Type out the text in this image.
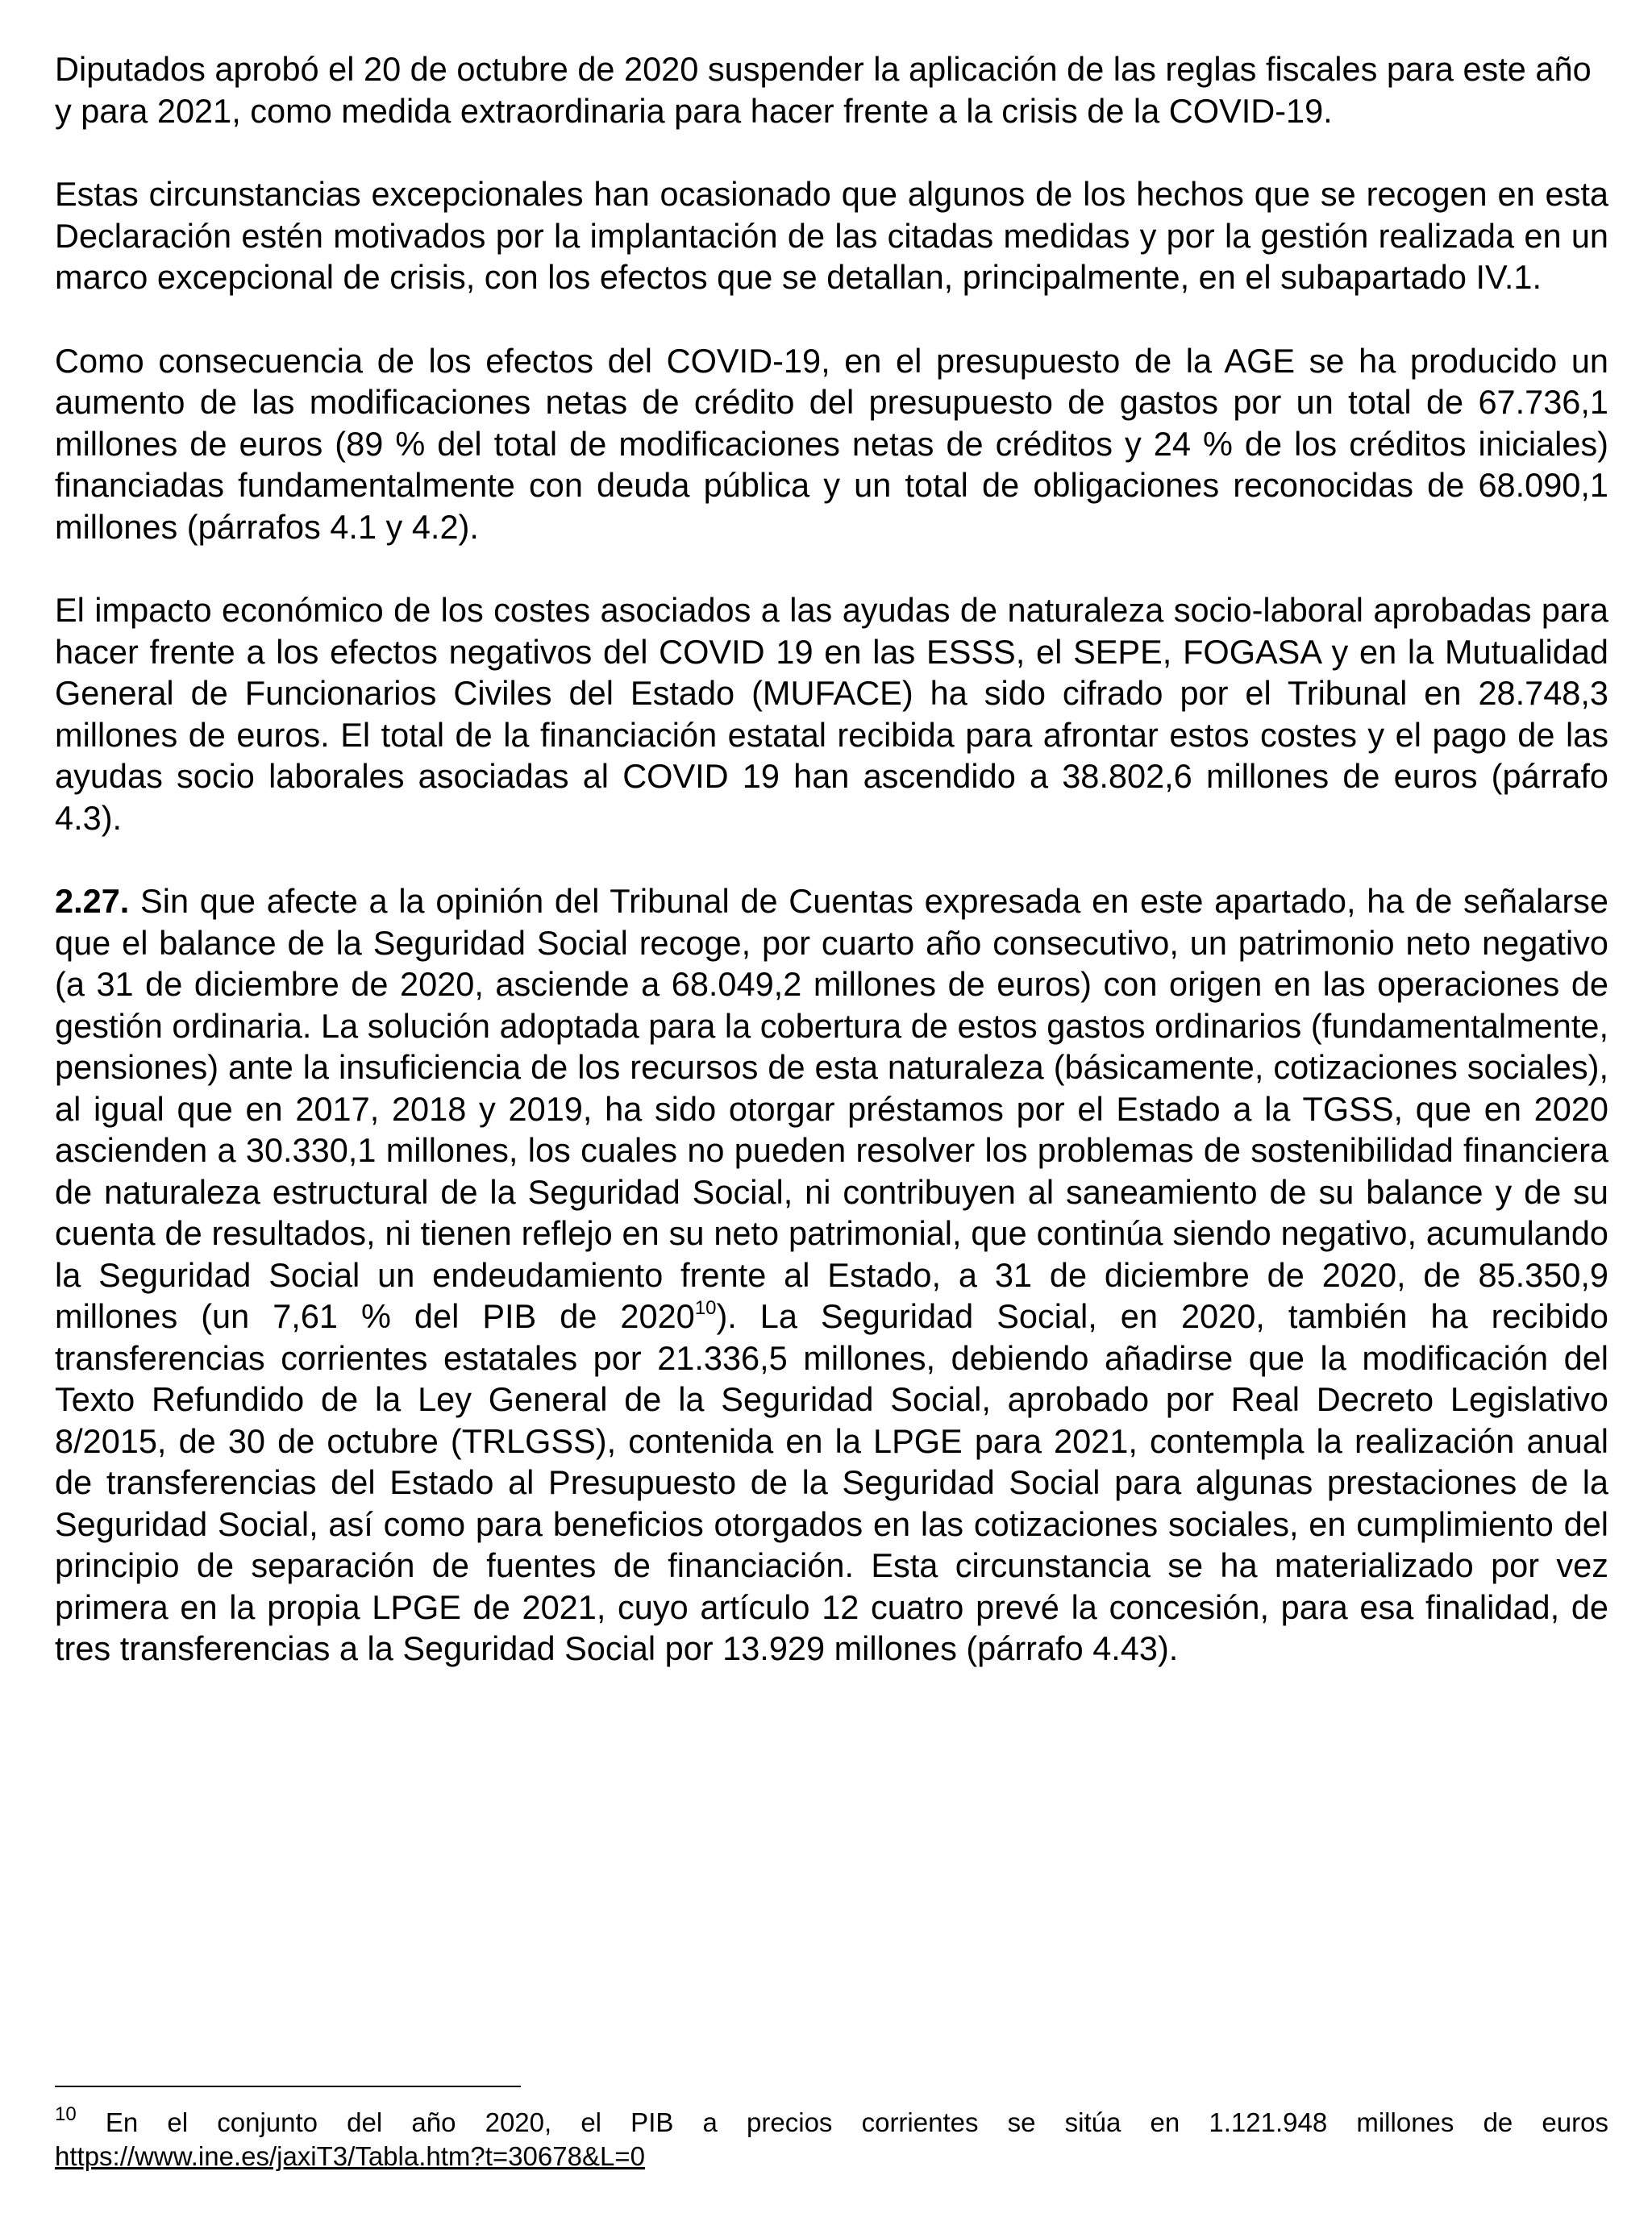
Diputados aprobó el 20 de octubre de 2020 suspender la aplicación de las reglas fiscales para este año y para 2021, como medida extraordinaria para hacer frente a la crisis de la COVID-19.

Estas circunstancias excepcionales han ocasionado que algunos de los hechos que se recogen en esta Declaración estén motivados por la implantación de las citadas medidas y por la gestión realizada en un marco excepcional de crisis, con los efectos que se detallan, principalmente, en el subapartado IV.1.

Como consecuencia de los efectos del COVID-19, en el presupuesto de la AGE se ha producido un aumento de las modificaciones netas de crédito del presupuesto de gastos por un total de 67.736,1 millones de euros (89 % del total de modificaciones netas de créditos y 24 % de los créditos iniciales) financiadas fundamentalmente con deuda pública y un total de obligaciones reconocidas de 68.090,1 millones (párrafos 4.1 y 4.2).

El impacto económico de los costes asociados a las ayudas de naturaleza socio-laboral aprobadas para hacer frente a los efectos negativos del COVID 19 en las ESSS, el SEPE, FOGASA y en la Mutualidad General de Funcionarios Civiles del Estado (MUFACE) ha sido cifrado por el Tribunal en 28.748,3 millones de euros. El total de la financiación estatal recibida para afrontar estos costes y el pago de las ayudas socio laborales asociadas al COVID 19 han ascendido a 38.802,6 millones de euros (párrafo 4.3).

2.27. Sin que afecte a la opinión del Tribunal de Cuentas expresada en este apartado, ha de señalarse que el balance de la Seguridad Social recoge, por cuarto año consecutivo, un patrimonio neto negativo (a 31 de diciembre de 2020, asciende a 68.049,2 millones de euros) con origen en las operaciones de gestión ordinaria. La solución adoptada para la cobertura de estos gastos ordinarios (fundamentalmente, pensiones) ante la insuficiencia de los recursos de esta naturaleza (básicamente, cotizaciones sociales), al igual que en 2017, 2018 y 2019, ha sido otorgar préstamos por el Estado a la TGSS, que en 2020 ascienden a 30.330,1 millones, los cuales no pueden resolver los problemas de sostenibilidad financiera de naturaleza estructural de la Seguridad Social, ni contribuyen al saneamiento de su balance y de su cuenta de resultados, ni tienen reflejo en su neto patrimonial, que continúa siendo negativo, acumulando la Seguridad Social un endeudamiento frente al Estado, a 31 de diciembre de 2020, de 85.350,9 millones (un 7,61 % del PIB de 2020$^{10}$). La Seguridad Social, en 2020, también ha recibido transferencias corrientes estatales por 21.336,5 millones, debiendo añadirse que la modificación del Texto Refundido de la Ley General de la Seguridad Social, aprobado por Real Decreto Legislativo 8/2015, de 30 de octubre (TRLGSS), contenida en la LPGE para 2021, contempla la realización anual de transferencias del Estado al Presupuesto de la Seguridad Social para algunas prestaciones de la Seguridad Social, así como para beneficios otorgados en las cotizaciones sociales, en cumplimiento del principio de separación de fuentes de financiación. Esta circunstancia se ha materializado por vez primera en la propia LPGE de 2021, cuyo artículo 12 cuatro prevé la concesión, para esa finalidad, de tres transferencias a la Seguridad Social por 13.929 millones (párrafo 4.43).

$^{10}$ En el conjunto del año 2020, el PIB a precios corrientes se sitúa en 1.121.948 millones de euros
https://www.ine.es/jaxiT3/Tabla.htm?t=30678&L=0
